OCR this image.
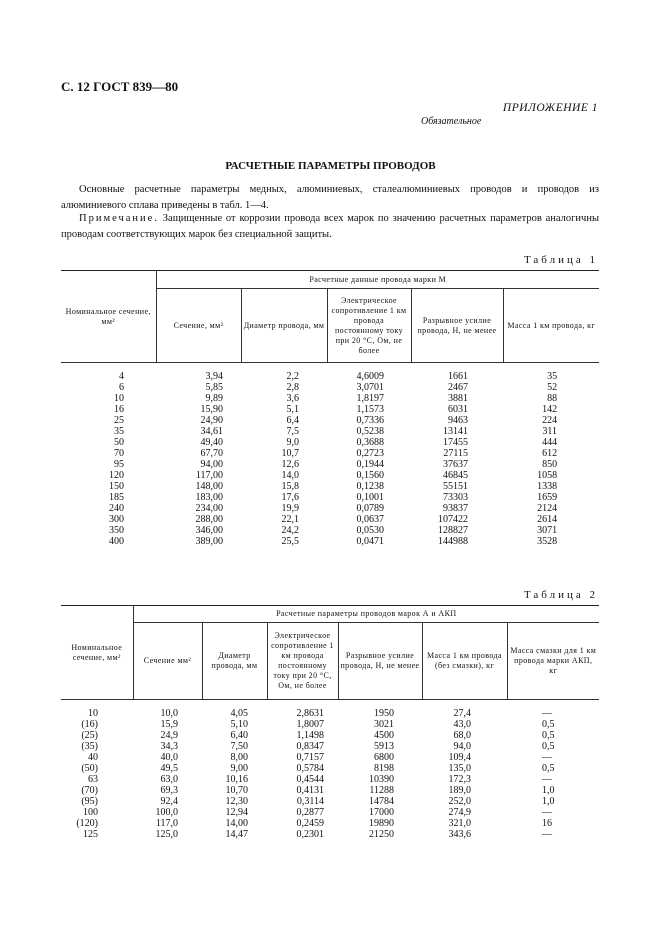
С. 12 ГОСТ 839—80
ПРИЛОЖЕНИЕ 1
Обязательное
РАСЧЕТНЫЕ ПАРАМЕТРЫ ПРОВОДОВ
Основные расчетные параметры медных, алюминиевых, сталеалюминиевых проводов и проводов из алюминиевого сплава приведены в табл. 1—4.
Примечание. Защищенные от коррозии провода всех марок по значению расчетных параметров аналогичны проводам соответствующих марок без специальной защиты.
Таблица 1
Номинальное сечение, мм²	Расчетные данные провода марки М				
	Сечение, мм²	Диаметр провода, мм	Электрическое сопротивление 1 км провода постоянному току при 20 °С, Ом, не более	Разрывное усилие провода, Н, не менее	Масса 1 км провода, кг
4	3,94	2,2	4,6009	1661	35
6	5,85	2,8	3,0701	2467	52
10	9,89	3,6	1,8197	3881	88
16	15,90	5,1	1,1573	6031	142
25	24,90	6,4	0,7336	9463	224
35	34,61	7,5	0,5238	13141	311
50	49,40	9,0	0,3688	17455	444
70	67,70	10,7	0,2723	27115	612
95	94,00	12,6	0,1944	37637	850
120	117,00	14,0	0,1560	46845	1058
150	148,00	15,8	0,1238	55151	1338
185	183,00	17,6	0,1001	73303	1659
240	234,00	19,9	0,0789	93837	2124
300	288,00	22,1	0,0637	107422	2614
350	346,00	24,2	0,0530	128827	3071
400	389,00	25,5	0,0471	144988	3528
Таблица 2
Номинальное сечение, мм²	Расчетные параметры проводов марок А и АКП					
	Сечение мм²	Диаметр провода, мм	Электрическое сопротивление 1 км провода постоянному току при 20 °С, Ом, не более	Разрывное усилие провода, Н, не менее	Масса 1 км провода (без смазки), кг	Масса смазки для 1 км провода марки АКП, кг
10	10,0	4,05	2,8631	1950	27,4	—
(16)	15,9	5,10	1,8007	3021	43,0	0,5
(25)	24,9	6,40	1,1498	4500	68,0	0,5
(35)	34,3	7,50	0,8347	5913	94,0	0,5
40	40,0	8,00	0,7157	6800	109,4	—
(50)	49,5	9,00	0,5784	8198	135,0	0,5
63	63,0	10,16	0,4544	10390	172,3	—
(70)	69,3	10,70	0,4131	11288	189,0	1,0
(95)	92,4	12,30	0,3114	14784	252,0	1,0
100	100,0	12,94	0,2877	17000	274,9	—
(120)	117,0	14,00	0,2459	19890	321,0	16
125	125,0	14,47	0,2301	21250	343,6	—
